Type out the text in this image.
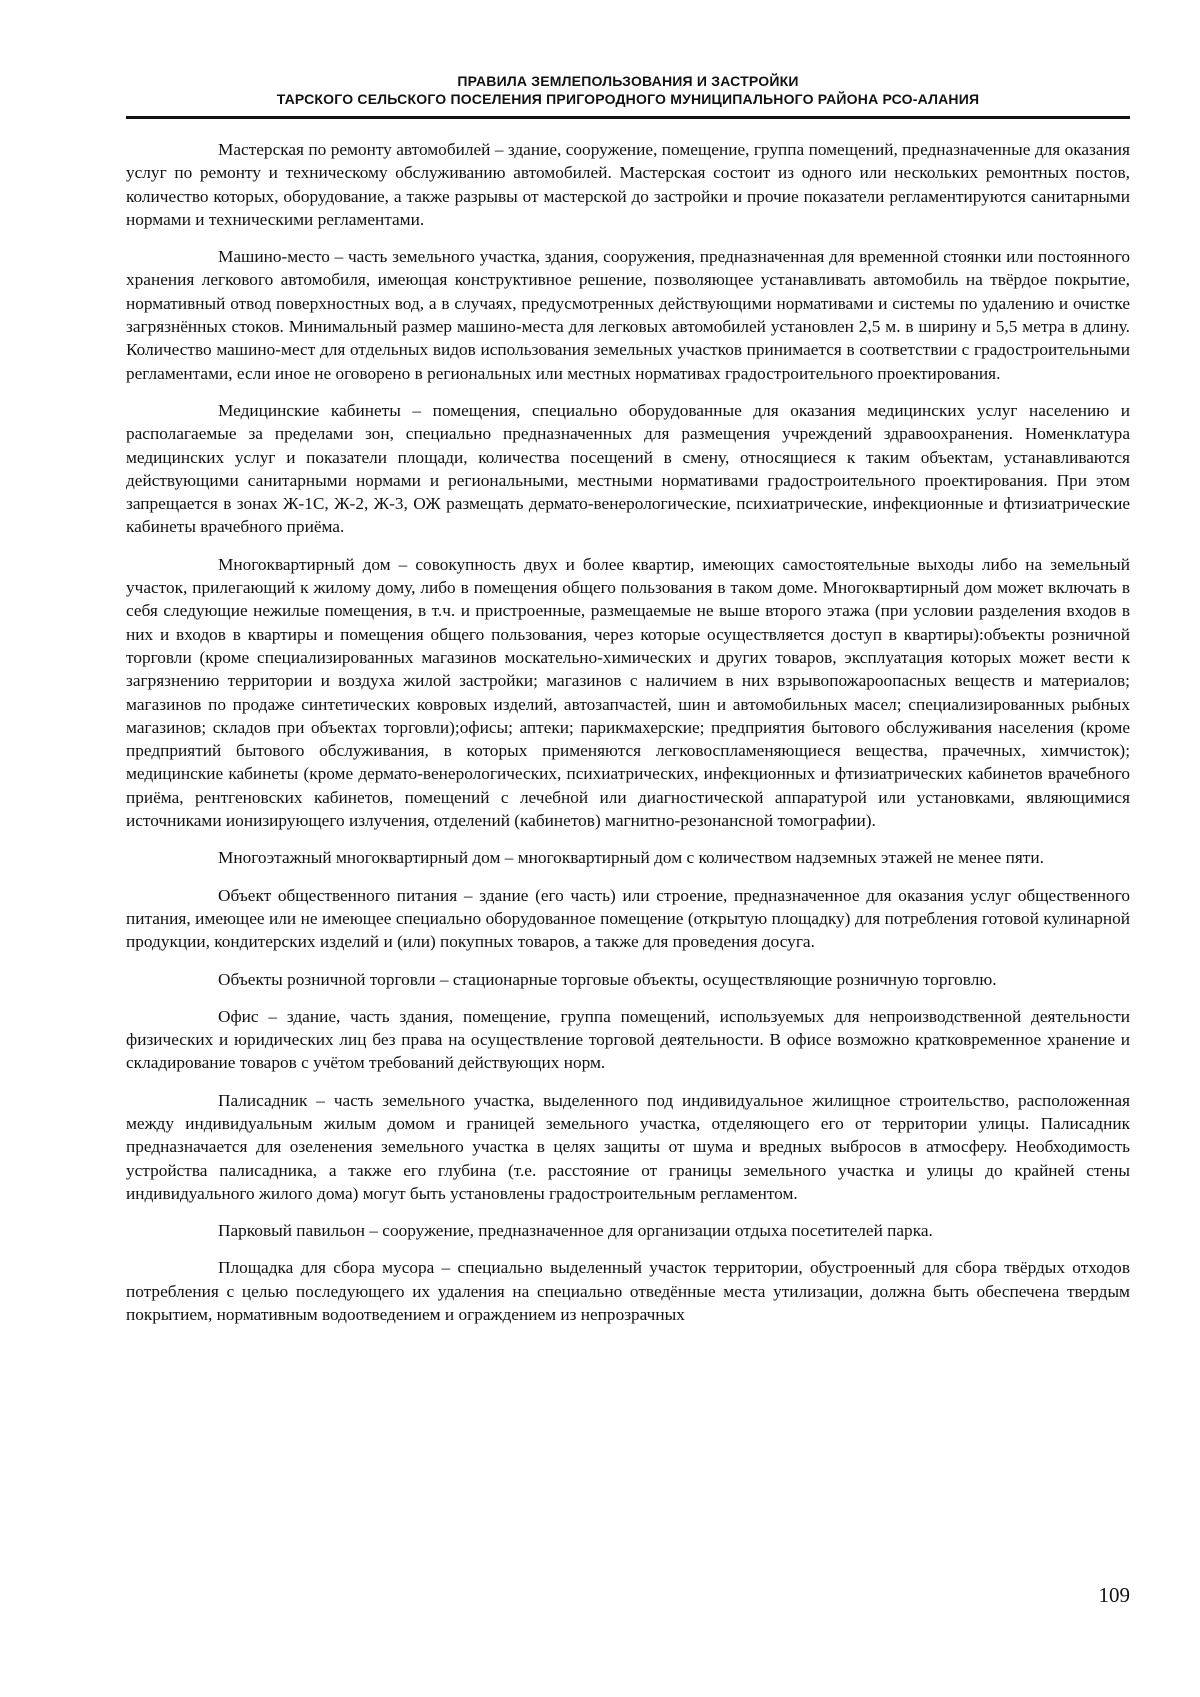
ПРАВИЛА ЗЕМЛЕПОЛЬЗОВАНИЯ И ЗАСТРОЙКИ
ТАРСКОГО СЕЛЬСКОГО ПОСЕЛЕНИЯ ПРИГОРОДНОГО МУНИЦИПАЛЬНОГО РАЙОНА РСО-АЛАНИЯ

Мастерская по ремонту автомобилей – здание, сооружение, помещение, группа помещений, предназначенные для оказания услуг по ремонту и техническому обслуживанию автомобилей. Мастерская состоит из одного или нескольких ремонтных постов, количество которых, оборудование, а также разрывы от мастерской до застройки и прочие показатели регламентируются санитарными нормами и техническими регламентами.

Машино-место – часть земельного участка, здания, сооружения, предназначенная для временной стоянки или постоянного хранения легкового автомобиля, имеющая конструктивное решение, позволяющее устанавливать автомобиль на твёрдое покрытие, нормативный отвод поверхностных вод, а в случаях, предусмотренных действующими нормативами и системы по удалению и очистке загрязнённых стоков. Минимальный размер машино-места для легковых автомобилей установлен 2,5 м. в ширину и 5,5 метра в длину. Количество машино-мест для отдельных видов использования земельных участков принимается в соответствии с градостроительными регламентами, если иное не оговорено в региональных или местных нормативах градостроительного проектирования.

Медицинские кабинеты – помещения, специально оборудованные для оказания медицинских услуг населению и располагаемые за пределами зон, специально предназначенных для размещения учреждений здравоохранения. Номенклатура медицинских услуг и показатели площади, количества посещений в смену, относящиеся к таким объектам, устанавливаются действующими санитарными нормами и региональными, местными нормативами градостроительного проектирования. При этом запрещается в зонах Ж-1С, Ж-2, Ж-3, ОЖ размещать дермато-венерологические, психиатрические, инфекционные и фтизиатрические кабинеты врачебного приёма.

Многоквартирный дом – совокупность двух и более квартир, имеющих самостоятельные выходы либо на земельный участок, прилегающий к жилому дому, либо в помещения общего пользования в таком доме. Многоквартирный дом может включать в себя следующие нежилые помещения, в т.ч. и пристроенные, размещаемые не выше второго этажа (при условии разделения входов в них и входов в квартиры и помещения общего пользования, через которые осуществляется доступ в квартиры):объекты розничной торговли (кроме специализированных магазинов москательно-химических и других товаров, эксплуатация которых может вести к загрязнению территории и воздуха жилой застройки; магазинов с наличием в них взрывопожароопасных веществ и материалов; магазинов по продаже синтетических ковровых изделий, автозапчастей, шин и автомобильных масел; специализированных рыбных магазинов; складов при объектах торговли);офисы; аптеки; парикмахерские; предприятия бытового обслуживания населения (кроме предприятий бытового обслуживания, в которых применяются легковоспламеняющиеся вещества, прачечных, химчисток); медицинские кабинеты (кроме дермато-венерологических, психиатрических, инфекционных и фтизиатрических кабинетов врачебного приёма, рентгеновских кабинетов, помещений с лечебной или диагностической аппаратурой или установками, являющимися источниками ионизирующего излучения, отделений (кабинетов) магнитно-резонансной томографии).

Многоэтажный многоквартирный дом – многоквартирный дом с количеством надземных этажей не менее пяти.

Объект общественного питания – здание (его часть) или строение, предназначенное для оказания услуг общественного питания, имеющее или не имеющее специально оборудованное помещение (открытую площадку) для потребления готовой кулинарной продукции, кондитерских изделий и (или) покупных товаров, а также для проведения досуга.

Объекты розничной торговли – стационарные торговые объекты, осуществляющие розничную торговлю.

Офис – здание, часть здания, помещение, группа помещений, используемых для непроизводственной деятельности физических и юридических лиц без права на осуществление торговой деятельности. В офисе возможно кратковременное хранение и складирование товаров с учётом требований действующих норм.

Палисадник – часть земельного участка, выделенного под индивидуальное жилищное строительство, расположенная между индивидуальным жилым домом и границей земельного участка, отделяющего его от территории улицы. Палисадник предназначается для озеленения земельного участка в целях защиты от шума и вредных выбросов в атмосферу. Необходимость устройства палисадника, а также его глубина (т.е. расстояние от границы земельного участка и улицы до крайней стены индивидуального жилого дома) могут быть установлены градостроительным регламентом.

Парковый павильон – сооружение, предназначенное для организации отдыха посетителей парка.

Площадка для сбора мусора – специально выделенный участок территории, обустроенный для сбора твёрдых отходов потребления с целью последующего их удаления на специально отведённые места утилизации, должна быть обеспечена твердым покрытием, нормативным водоотведением и ограждением из непрозрачных

109
